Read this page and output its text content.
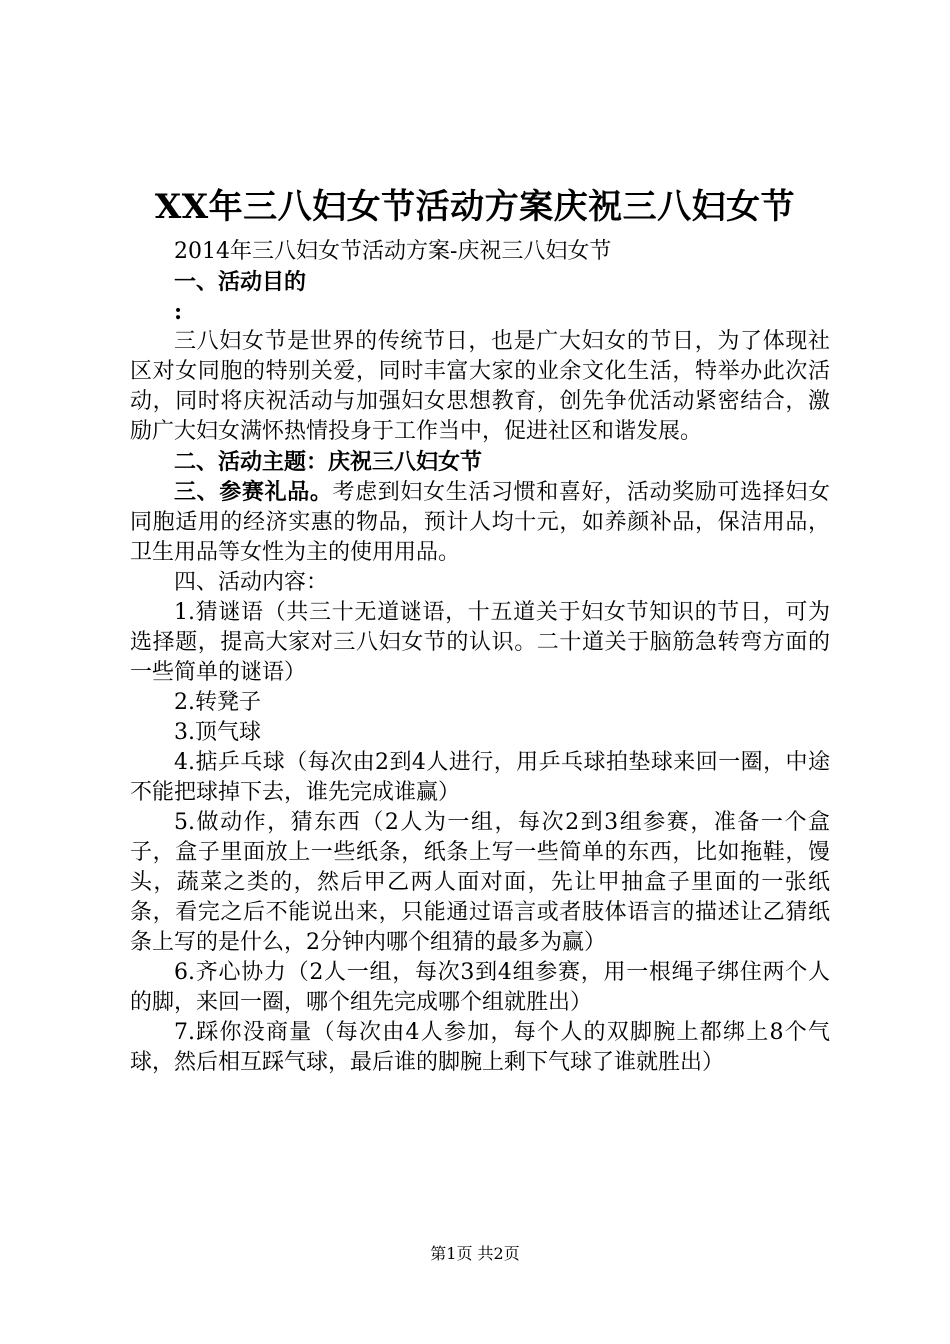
XX年三八妇女节活动方案庆祝三八妇女节

2014年三八妇女节活动方案-庆祝三八妇女节

一、活动目的

:

三八妇女节是世界的传统节日，也是广大妇女的节日，为了体现社区对女同胞的特别关爱，同时丰富大家的业余文化生活，特举办此次活动，同时将庆祝活动与加强妇女思想教育，创先争优活动紧密结合，激励广大妇女满怀热情投身于工作当中，促进社区和谐发展。

二、活动主题：庆祝三八妇女节

三、参赛礼品。考虑到妇女生活习惯和喜好，活动奖励可选择妇女同胞适用的经济实惠的物品，预计人均十元，如养颜补品，保洁用品，卫生用品等女性为主的使用用品。

四、活动内容：

1.猜谜语（共三十无道谜语，十五道关于妇女节知识的节日，可为选择题，提高大家对三八妇女节的认识。二十道关于脑筋急转弯方面的一些简单的谜语）

2.转凳子

3.顶气球

4.掂乒乓球（每次由2到4人进行，用乒乓球拍垫球来回一圈，中途不能把球掉下去，谁先完成谁赢）

5.做动作，猜东西（2人为一组，每次2到3组参赛，准备一个盒子，盒子里面放上一些纸条，纸条上写一些简单的东西，比如拖鞋，馒头，蔬菜之类的，然后甲乙两人面对面，先让甲抽盒子里面的一张纸条，看完之后不能说出来，只能通过语言或者肢体语言的描述让乙猜纸条上写的是什么，2分钟内哪个组猜的最多为赢）

6.齐心协力（2人一组，每次3到4组参赛，用一根绳子绑住两个人的脚，来回一圈，哪个组先完成哪个组就胜出）

7.踩你没商量（每次由4人参加，每个人的双脚腕上都绑上8个气球，然后相互踩气球，最后谁的脚腕上剩下气球了谁就胜出）

第1页 共2页
